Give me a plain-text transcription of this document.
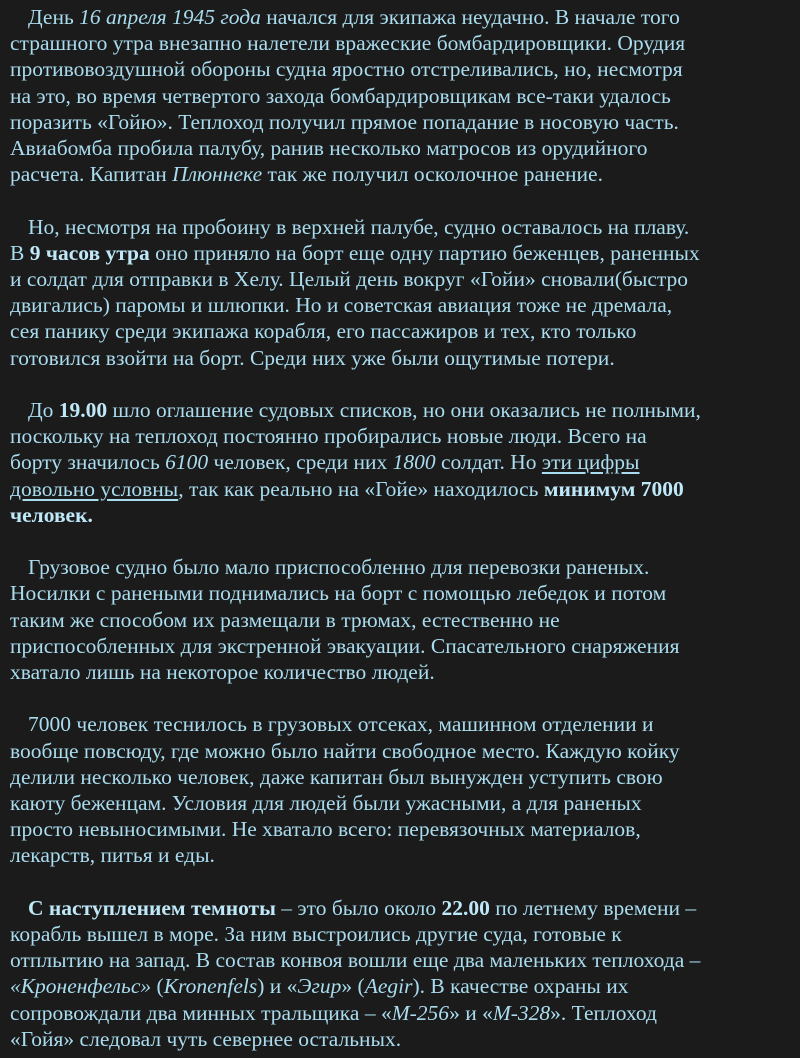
День 16 апреля 1945 года начался для экипажа неудачно. В начале того
страшного утра внезапно налетели вражеские бомбардировщики. Орудия
противовоздушной обороны судна яростно отстреливались, но, несмотря
на это, во время четвертого захода бомбардировщикам все-таки удалось
поразить «Гойю». Теплоход получил прямое попадание в носовую часть.
Авиабомба пробила палубу, ранив несколько матросов из орудийного
расчета. Капитан Плюннеке так же получил осколочное ранение.
Но, несмотря на пробоину в верхней палубе, судно оставалось на плаву.
В 9 часов утра оно приняло на борт еще одну партию беженцев, раненных
и солдат для отправки в Хелу. Целый день вокруг «Гойи» сновали(быстро
двигались) паромы и шлюпки. Но и советская авиация тоже не дремала,
сея панику среди экипажа корабля, его пассажиров и тех, кто только
готовился взойти на борт. Среди них уже были ощутимые потери.
До 19.00 шло оглашение судовых списков, но они оказались не полными,
поскольку на теплоход постоянно пробирались новые люди. Всего на
борту значилось 6100 человек, среди них 1800 солдат. Но эти цифры
довольно условны, так как реально на «Гойе» находилось минимум 7000
человек.
Грузовое судно было мало приспособленно для перевозки раненых.
Носилки с ранеными поднимались на борт с помощью лебедок и потом
таким же способом их размещали в трюмах, естественно не
приспособленных для экстренной эвакуации. Спасательного снаряжения
хватало лишь на некоторое количество людей.
7000 человек теснилось в грузовых отсеках, машинном отделении и
вообще повсюду, где можно было найти свободное место. Каждую койку
делили несколько человек, даже капитан был вынужден уступить свою
каюту беженцам. Условия для людей были ужасными, а для раненых
просто невыносимыми. Не хватало всего: перевязочных материалов,
лекарств, питья и еды.
С наступлением темноты – это было около 22.00 по летнему времени –
корабль вышел в море. За ним выстроились другие суда, готовые к
отплытию на запад. В состав конвоя вошли еще два маленьких теплохода –
«Кроненфельс» (Kronenfels) и «Эгир» (Aegir). В качестве охраны их
сопровождали два минных тральщика – «M-256» и «M-328». Теплоход
«Гойя» следовал чуть севернее остальных.
